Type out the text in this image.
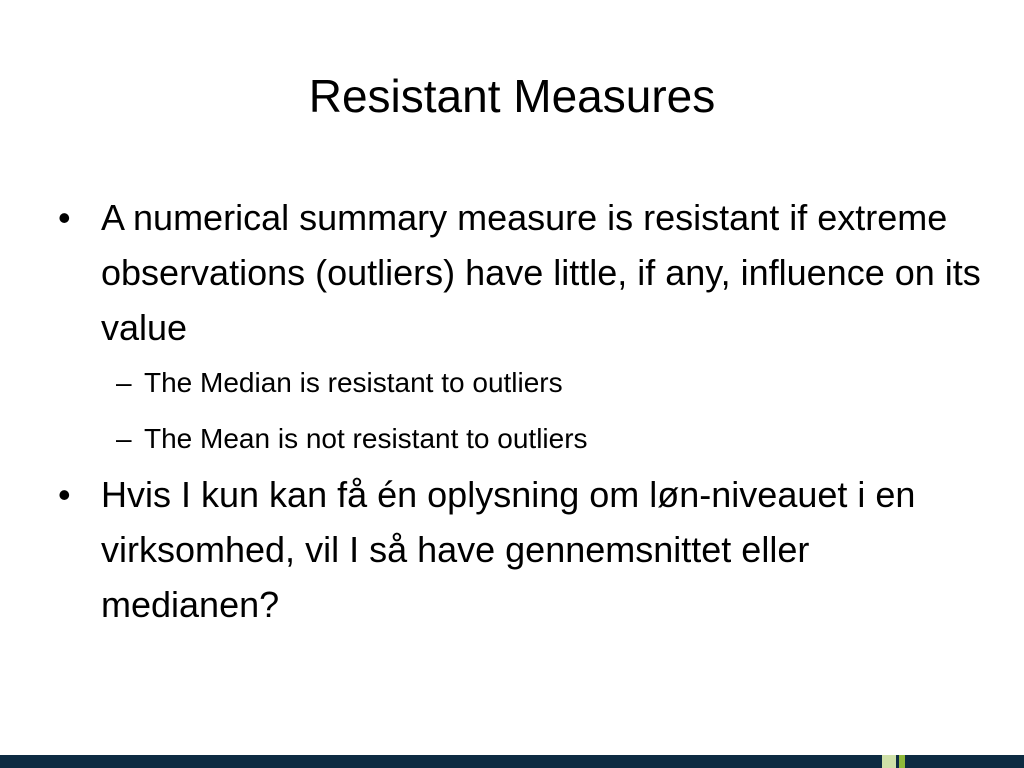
Resistant Measures
• A numerical summary measure is resistant if extreme observations (outliers) have little, if any, influence on its value
– The Median is resistant to outliers
– The Mean is not resistant to outliers
• Hvis I kun kan få én oplysning om løn-niveauet i en virksomhed, vil I så have gennemsnittet eller medianen?
